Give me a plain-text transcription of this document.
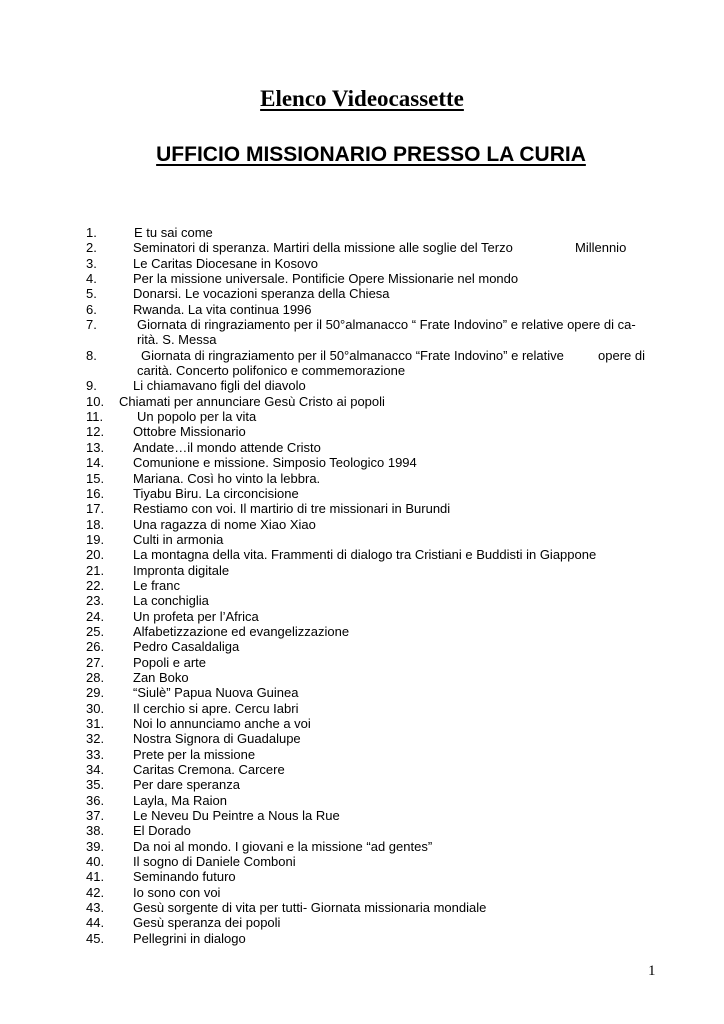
Elenco Videocassette
UFFICIO MISSIONARIO PRESSO LA CURIA
1.	E tu sai come
2.	Seminatori di speranza. Martiri della missione alle soglie del Terzo	Millennio
3.	Le Caritas Diocesane in Kosovo
4.	Per la missione universale. Pontificie Opere Missionarie nel mondo
5.	Donarsi. Le vocazioni speranza della Chiesa
6.	Rwanda. La vita continua 1996
7.	Giornata di ringraziamento per il 50°almanacco “ Frate Indovino” e relative opere di ca-
rità. S. Messa
8.	Giornata di ringraziamento per il 50°almanacco “Frate Indovino” e relative	opere di
carità. Concerto polifonico e commemorazione
9.	Li chiamavano figli del diavolo
10. Chiamati per annunciare Gesù Cristo ai popoli
11.	Un popolo per la vita
12. Ottobre Missionario
13. Andate…il mondo attende Cristo
14. Comunione e missione. Simposio Teologico 1994
15. Mariana. Così ho vinto la lebbra.
16. Tiyabu Biru. La circoncisione
17. Restiamo con voi. Il martirio di tre missionari in Burundi
18. Una ragazza di nome Xiao Xiao
19. Culti in armonia
20. La montagna della vita. Frammenti di dialogo tra Cristiani e Buddisti in Giappone
21. Impronta digitale
22. Le franc
23. La conchiglia
24. Un profeta per l’Africa
25. Alfabetizzazione ed evangelizzazione
26. Pedro Casaldaliga
27. Popoli e arte
28. Zan Boko
29. “Siulè” Papua Nuova Guinea
30. Il cerchio si apre. Cercu Iabri
31. Noi lo annunciamo anche a voi
32. Nostra Signora di Guadalupe
33. Prete per la missione
34. Caritas Cremona. Carcere
35. Per dare speranza
36. Layla, Ma Raion
37. Le Neveu Du Peintre a Nous la Rue
38. El Dorado
39. Da noi al mondo. I giovani e la missione “ad gentes”
40. Il sogno di Daniele Comboni
41. Seminando futuro
42. Io sono con voi
43. Gesù sorgente di vita per tutti- Giornata missionaria mondiale
44. Gesù speranza dei popoli
45. Pellegrini in dialogo
1
